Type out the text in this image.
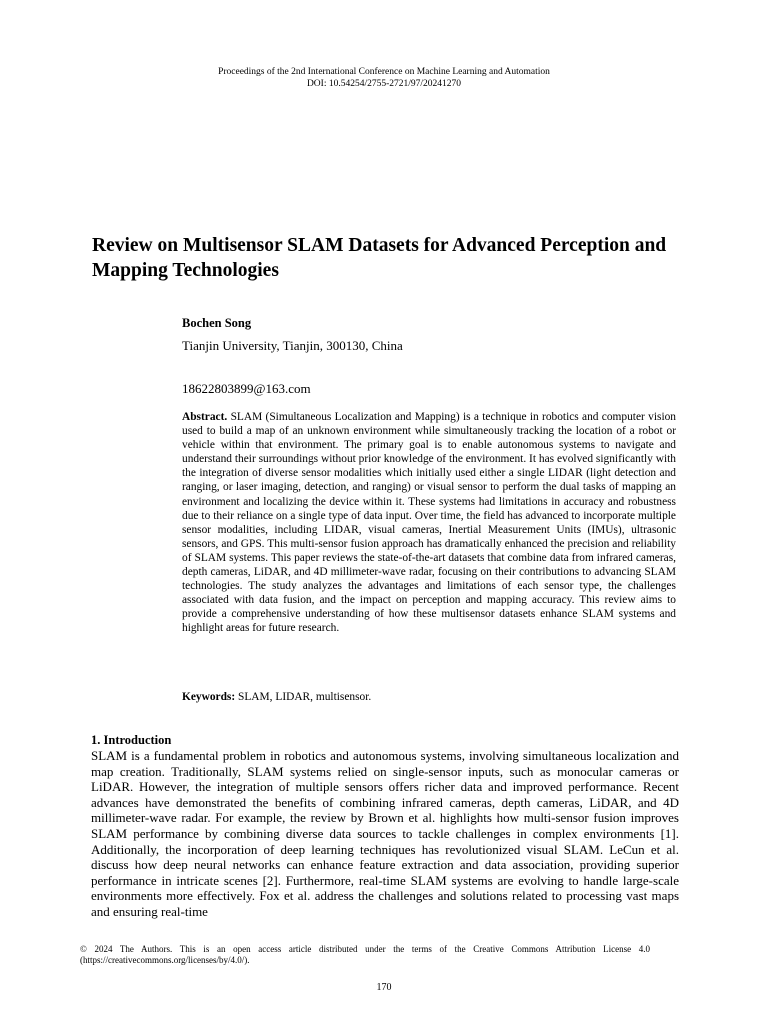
Proceedings of the 2nd International Conference on Machine Learning and Automation
DOI: 10.54254/2755-2721/97/20241270
Review on Multisensor SLAM Datasets for Advanced Perception and Mapping Technologies
Bochen Song
Tianjin University, Tianjin, 300130, China
18622803899@163.com
Abstract. SLAM (Simultaneous Localization and Mapping) is a technique in robotics and computer vision used to build a map of an unknown environment while simultaneously tracking the location of a robot or vehicle within that environment. The primary goal is to enable autonomous systems to navigate and understand their surroundings without prior knowledge of the environment. It has evolved significantly with the integration of diverse sensor modalities which initially used either a single LIDAR (light detection and ranging, or laser imaging, detection, and ranging) or visual sensor to perform the dual tasks of mapping an environment and localizing the device within it. These systems had limitations in accuracy and robustness due to their reliance on a single type of data input. Over time, the field has advanced to incorporate multiple sensor modalities, including LIDAR, visual cameras, Inertial Measurement Units (IMUs), ultrasonic sensors, and GPS. This multi-sensor fusion approach has dramatically enhanced the precision and reliability of SLAM systems. This paper reviews the state-of-the-art datasets that combine data from infrared cameras, depth cameras, LiDAR, and 4D millimeter-wave radar, focusing on their contributions to advancing SLAM technologies. The study analyzes the advantages and limitations of each sensor type, the challenges associated with data fusion, and the impact on perception and mapping accuracy. This review aims to provide a comprehensive understanding of how these multisensor datasets enhance SLAM systems and highlight areas for future research.
Keywords: SLAM, LIDAR, multisensor.
1. Introduction
SLAM is a fundamental problem in robotics and autonomous systems, involving simultaneous localization and map creation. Traditionally, SLAM systems relied on single-sensor inputs, such as monocular cameras or LiDAR. However, the integration of multiple sensors offers richer data and improved performance. Recent advances have demonstrated the benefits of combining infrared cameras, depth cameras, LiDAR, and 4D millimeter-wave radar. For example, the review by Brown et al. highlights how multi-sensor fusion improves SLAM performance by combining diverse data sources to tackle challenges in complex environments [1]. Additionally, the incorporation of deep learning techniques has revolutionized visual SLAM. LeCun et al. discuss how deep neural networks can enhance feature extraction and data association, providing superior performance in intricate scenes [2]. Furthermore, real-time SLAM systems are evolving to handle large-scale environments more effectively. Fox et al. address the challenges and solutions related to processing vast maps and ensuring real-time
© 2024 The Authors. This is an open access article distributed under the terms of the Creative Commons Attribution License 4.0 (https://creativecommons.org/licenses/by/4.0/).
170
